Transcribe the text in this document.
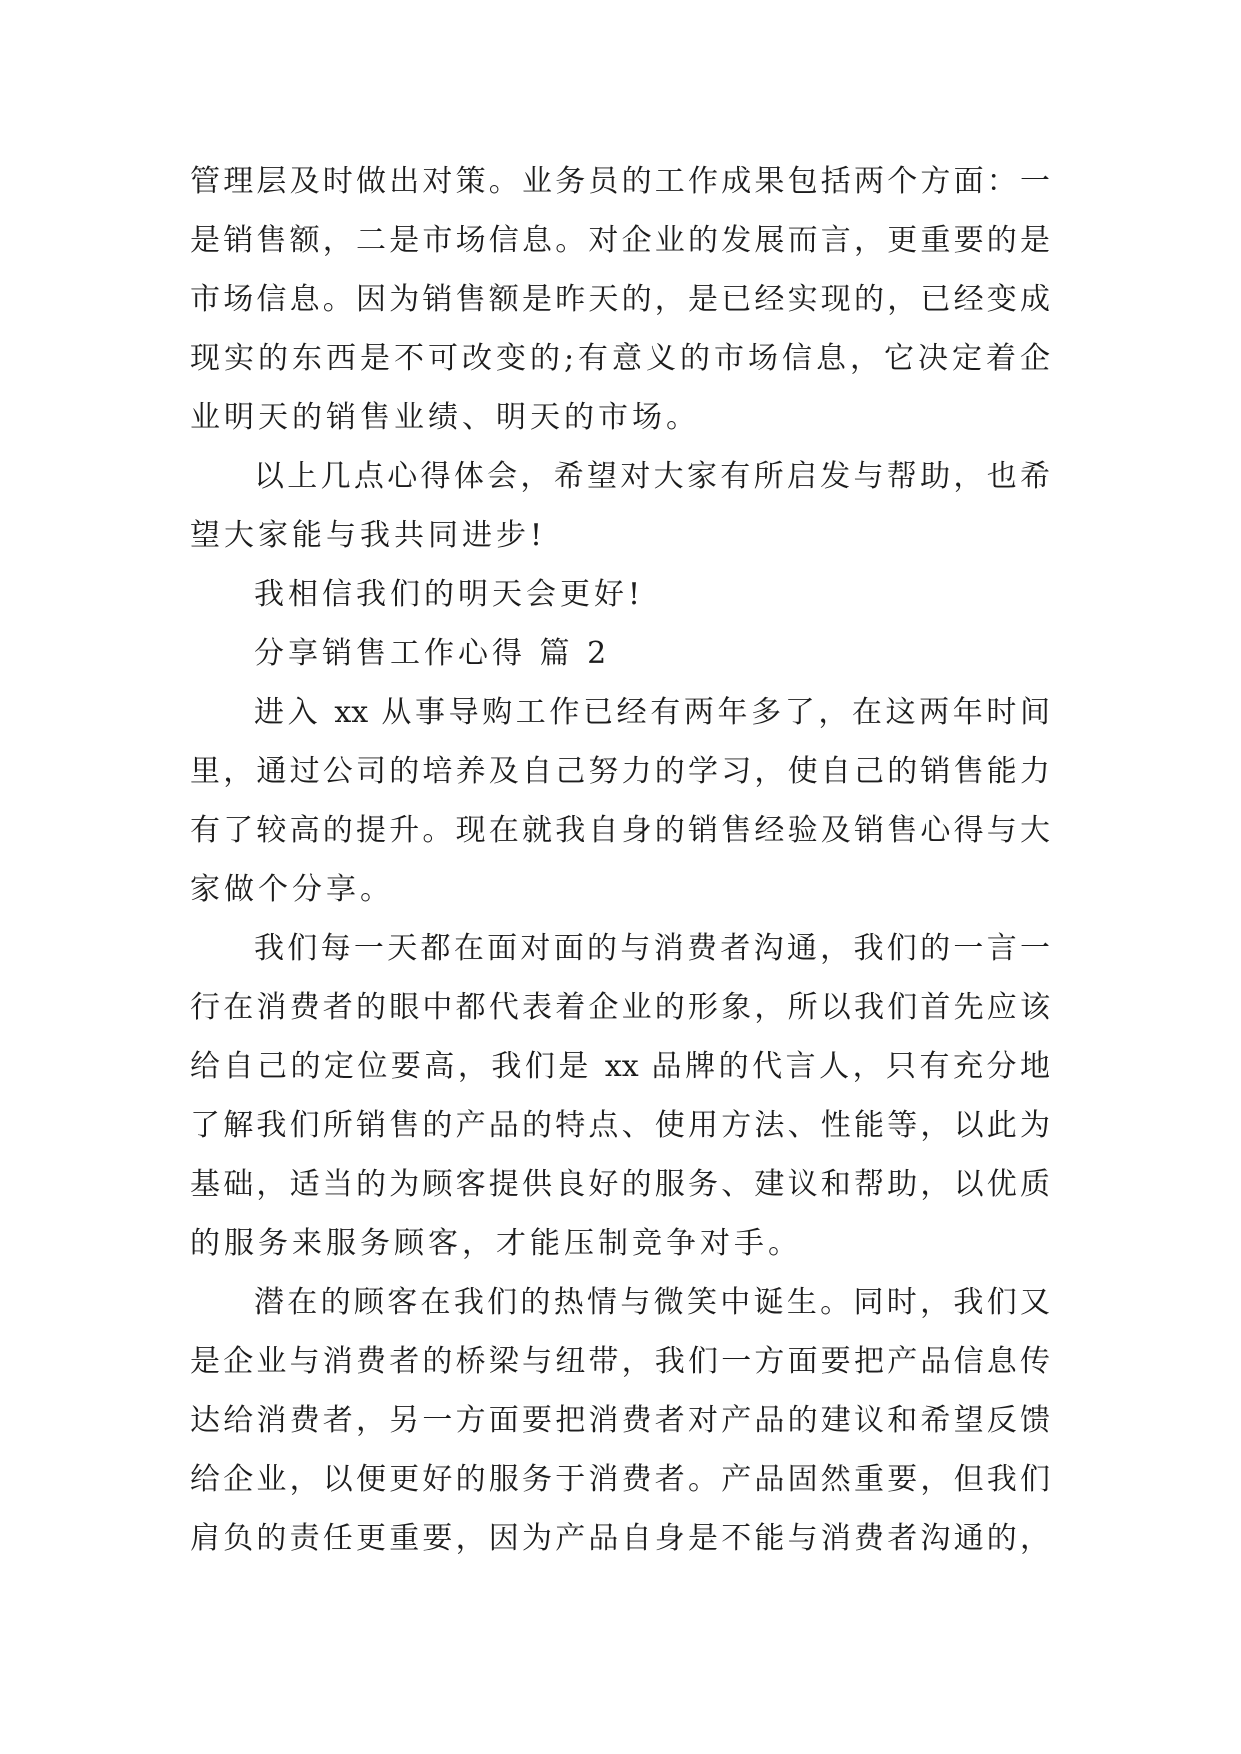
管理层及时做出对策。业务员的工作成果包括两个方面：一
是销售额，二是市场信息。对企业的发展而言，更重要的是
市场信息。因为销售额是昨天的，是已经实现的，已经变成
现实的东西是不可改变的;有意义的市场信息，它决定着企
业明天的销售业绩、明天的市场。
以上几点心得体会，希望对大家有所启发与帮助，也希
望大家能与我共同进步!
我相信我们的明天会更好!
分享销售工作心得 篇 2
进入 xx 从事导购工作已经有两年多了，在这两年时间
里，通过公司的培养及自己努力的学习，使自己的销售能力
有了较高的提升。现在就我自身的销售经验及销售心得与大
家做个分享。
我们每一天都在面对面的与消费者沟通，我们的一言一
行在消费者的眼中都代表着企业的形象，所以我们首先应该
给自己的定位要高，我们是 xx 品牌的代言人，只有充分地
了解我们所销售的产品的特点、使用方法、性能等，以此为
基础，适当的为顾客提供良好的服务、建议和帮助，以优质
的服务来服务顾客，才能压制竞争对手。
潜在的顾客在我们的热情与微笑中诞生。同时，我们又
是企业与消费者的桥梁与纽带，我们一方面要把产品信息传
达给消费者，另一方面要把消费者对产品的建议和希望反馈
给企业，以便更好的服务于消费者。产品固然重要，但我们
肩负的责任更重要，因为产品自身是不能与消费者沟通的，
